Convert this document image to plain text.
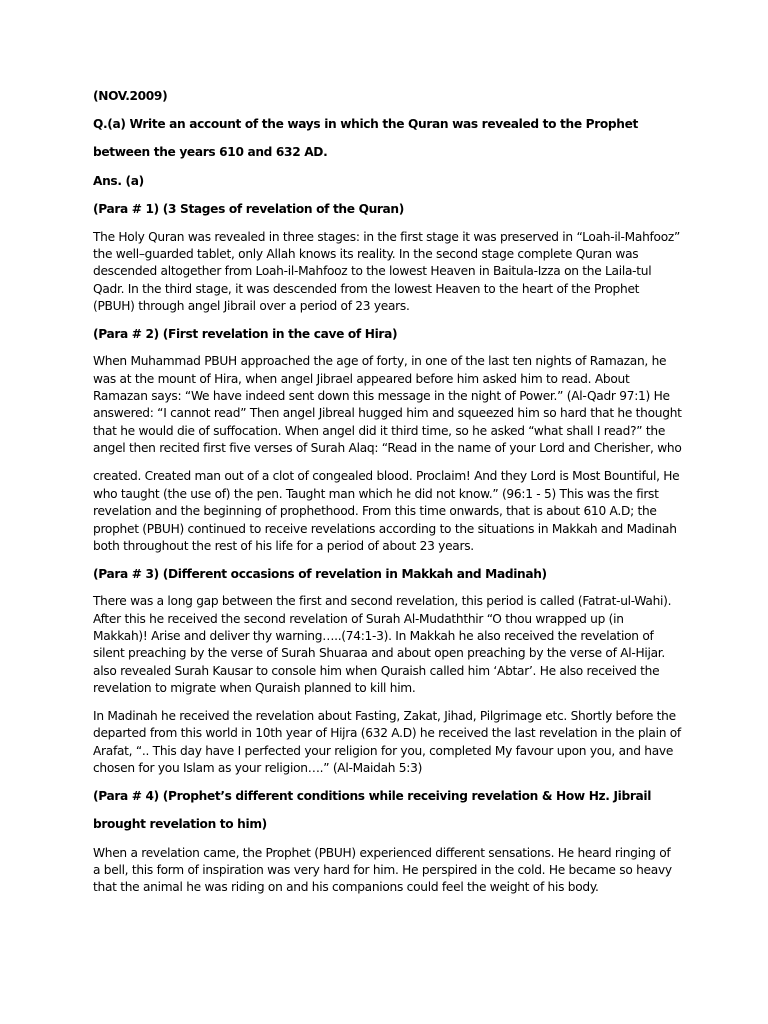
(NOV.2009)
Q.(a) Write an account of the ways in which the Quran was revealed to the Prophet
between the years 610 and 632 AD.
Ans. (a)
(Para # 1) (3 Stages of revelation of the Quran)
The Holy Quran was revealed in three stages: in the first stage it was preserved in “Loah-il-Mahfooz”
the well–guarded tablet, only Allah knows its reality. In the second stage complete Quran was
descended altogether from Loah-il-Mahfooz to the lowest Heaven in Baitula-Izza on the Laila-tul
Qadr. In the third stage, it was descended from the lowest Heaven to the heart of the Prophet
(PBUH) through angel Jibrail over a period of 23 years.
(Para # 2) (First revelation in the cave of Hira)
When Muhammad PBUH approached the age of forty, in one of the last ten nights of Ramazan, he
was at the mount of Hira, when angel Jibrael appeared before him asked him to read. About
Ramazan says: “We have indeed sent down this message in the night of Power.” (Al-Qadr 97:1) He
answered: “I cannot read” Then angel Jibreal hugged him and squeezed him so hard that he thought
that he would die of suffocation. When angel did it third time, so he asked “what shall I read?” the
angel then recited first five verses of Surah Alaq: “Read in the name of your Lord and Cherisher, who
created. Created man out of a clot of congealed blood. Proclaim! And they Lord is Most Bountiful, He
who taught (the use of) the pen. Taught man which he did not know.” (96:1 - 5) This was the first
revelation and the beginning of prophethood. From this time onwards, that is about 610 A.D; the
prophet (PBUH) continued to receive revelations according to the situations in Makkah and Madinah
both throughout the rest of his life for a period of about 23 years.
(Para # 3) (Different occasions of revelation in Makkah and Madinah)
There was a long gap between the first and second revelation, this period is called (Fatrat-ul-Wahi).
After this he received the second revelation of Surah Al-Mudaththir “O thou wrapped up (in
Makkah)! Arise and deliver thy warning…..(74:1-3). In Makkah he also received the revelation of
silent preaching by the verse of Surah Shuaraa and about open preaching by the verse of Al-Hijar.
also revealed Surah Kausar to console him when Quraish called him ‘Abtar’. He also received the
revelation to migrate when Quraish planned to kill him.
In Madinah he received the revelation about Fasting, Zakat, Jihad, Pilgrimage etc. Shortly before the
departed from this world in 10th year of Hijra (632 A.D) he received the last revelation in the plain of
Arafat, “.. This day have I perfected your religion for you, completed My favour upon you, and have
chosen for you Islam as your religion….” (Al-Maidah 5:3)
(Para # 4) (Prophet’s different conditions while receiving revelation & How Hz. Jibrail
brought revelation to him)
When a revelation came, the Prophet (PBUH) experienced different sensations. He heard ringing of
a bell, this form of inspiration was very hard for him. He perspired in the cold. He became so heavy
that the animal he was riding on and his companions could feel the weight of his body.
